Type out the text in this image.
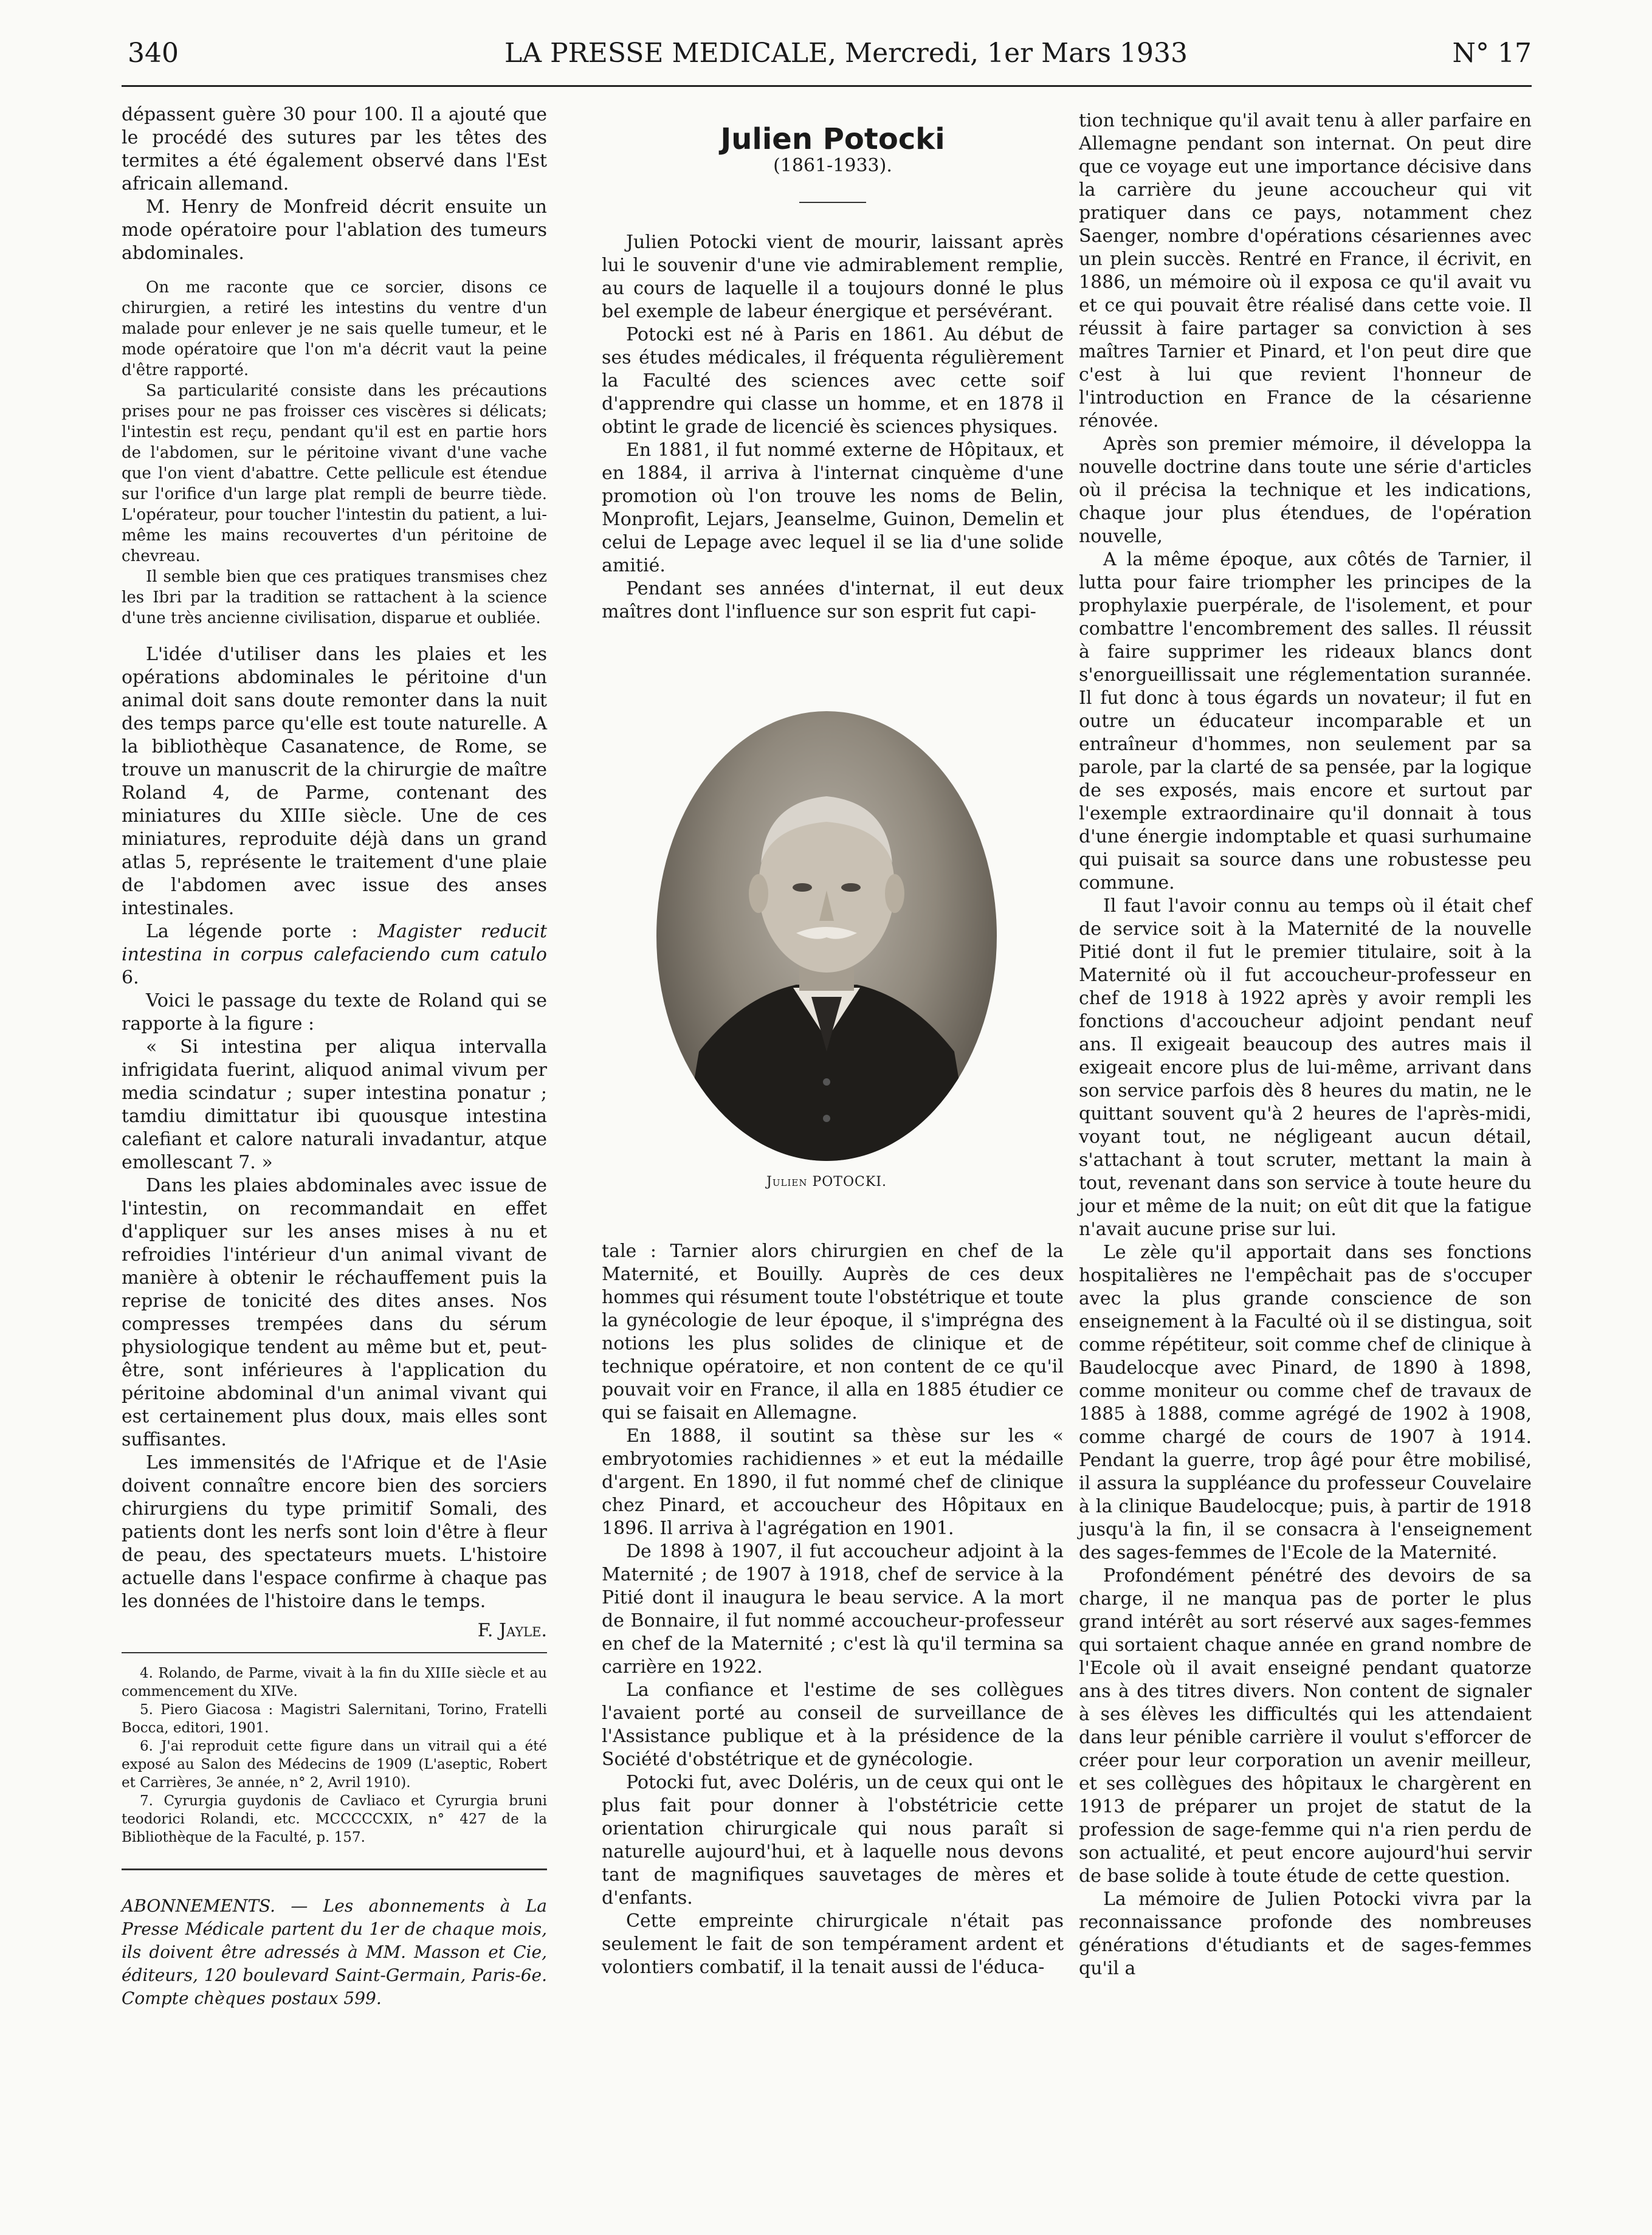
340	LA PRESSE MEDICALE, Mercredi, 1er Mars 1933	N° 17

dépassent guère 30 pour 100. Il a ajouté que le procédé des sutures par les têtes des termites a été également observé dans l'Est africain allemand.

M. Henry de Monfreid décrit ensuite un mode opératoire pour l'ablation des tumeurs abdominales.

On me raconte que ce sorcier, disons ce chirurgien, a retiré les intestins du ventre d'un malade pour enlever je ne sais quelle tumeur, et le mode opératoire que l'on m'a décrit vaut la peine d'être rapporté.

Sa particularité consiste dans les précautions prises pour ne pas froisser ces viscères si délicats; l'intestin est reçu, pendant qu'il est en partie hors de l'abdomen, sur le péritoine vivant d'une vache que l'on vient d'abattre. Cette pellicule est étendue sur l'orifice d'un large plat rempli de beurre tiède. L'opérateur, pour toucher l'intestin du patient, a lui-même les mains recouvertes d'un péritoine de chevreau.

Il semble bien que ces pratiques transmises chez les Ibri par la tradition se rattachent à la science d'une très ancienne civilisation, disparue et oubliée.

L'idée d'utiliser dans les plaies et les opérations abdominales le péritoine d'un animal doit sans doute remonter dans la nuit des temps parce qu'elle est toute naturelle. A la bibliothèque Casanatence, de Rome, se trouve un manuscrit de la chirurgie de maître Roland 4, de Parme, contenant des miniatures du XIIIe siècle. Une de ces miniatures, reproduite déjà dans un grand atlas 5, représente le traitement d'une plaie de l'abdomen avec issue des anses intestinales.

La légende porte : Magister reducit intestina in corpus calefaciendo cum catulo 6.

Voici le passage du texte de Roland qui se rapporte à la figure :

« Si intestina per aliqua intervalla infrigidata fuerint, aliquod animal vivum per media scindatur ; super intestina ponatur ; tamdiu dimittatur ibi quousque intestina calefiant et calore naturali invadantur, atque emollescant 7. »

Dans les plaies abdominales avec issue de l'intestin, on recommandait en effet d'appliquer sur les anses mises à nu et refroidies l'intérieur d'un animal vivant de manière à obtenir le réchauffement puis la reprise de tonicité des dites anses. Nos compresses trempées dans du sérum physiologique tendent au même but et, peut-être, sont inférieures à l'application du péritoine abdominal d'un animal vivant qui est certainement plus doux, mais elles sont suffisantes.

Les immensités de l'Afrique et de l'Asie doivent connaître encore bien des sorciers chirurgiens du type primitif Somali, des patients dont les nerfs sont loin d'être à fleur de peau, des spectateurs muets. L'histoire actuelle dans l'espace confirme à chaque pas les données de l'histoire dans le temps.

F. Jayle.

4. Rolando, de Parme, vivait à la fin du XIIIe siècle et au commencement du XIVe.

5. Piero Giacosa : Magistri Salernitani, Torino, Fratelli Bocca, editori, 1901.

6. J'ai reproduit cette figure dans un vitrail qui a été exposé au Salon des Médecins de 1909 (L'aseptic, Robert et Carrières, 3e année, n° 2, Avril 1910).

7. Cyrurgia guydonis de Cavliaco et Cyrurgia bruni teodorici Rolandi, etc. MCCCCCXIX, n° 427 de la Bibliothèque de la Faculté, p. 157.

ABONNEMENTS. — Les abonnements à La Presse Médicale partent du 1er de chaque mois, ils doivent être adressés à MM. Masson et Cie, éditeurs, 120 boulevard Saint-Germain, Paris-6e. Compte chèques postaux 599.
Julien Potocki
(1861-1933).

Julien Potocki vient de mourir, laissant après lui le souvenir d'une vie admirablement remplie, au cours de laquelle il a toujours donné le plus bel exemple de labeur énergique et persévérant.

Potocki est né à Paris en 1861. Au début de ses études médicales, il fréquenta régulièrement la Faculté des sciences avec cette soif d'apprendre qui classe un homme, et en 1878 il obtint le grade de licencié ès sciences physiques.

En 1881, il fut nommé externe de Hôpitaux, et en 1884, il arriva à l'internat cinquème d'une promotion où l'on trouve les noms de Belin, Monprofit, Lejars, Jeanselme, Guinon, Demelin et celui de Lepage avec lequel il se lia d'une solide amitié.

Pendant ses années d'internat, il eut deux maîtres dont l'influence sur son esprit fut capi-

Julien POTOCKI.

tale : Tarnier alors chirurgien en chef de la Maternité, et Bouilly. Auprès de ces deux hommes qui résument toute l'obstétrique et toute la gynécologie de leur époque, il s'imprégna des notions les plus solides de clinique et de technique opératoire, et non content de ce qu'il pouvait voir en France, il alla en 1885 étudier ce qui se faisait en Allemagne.

En 1888, il soutint sa thèse sur les « embryotomies rachidiennes » et eut la médaille d'argent. En 1890, il fut nommé chef de clinique chez Pinard, et accoucheur des Hôpitaux en 1896. Il arriva à l'agrégation en 1901.

De 1898 à 1907, il fut accoucheur adjoint à la Maternité ; de 1907 à 1918, chef de service à la Pitié dont il inaugura le beau service. A la mort de Bonnaire, il fut nommé accoucheur-professeur en chef de la Maternité ; c'est là qu'il termina sa carrière en 1922.

La confiance et l'estime de ses collègues l'avaient porté au conseil de surveillance de l'Assistance publique et à la présidence de la Société d'obstétrique et de gynécologie.

Potocki fut, avec Doléris, un de ceux qui ont le plus fait pour donner à l'obstétricie cette orientation chirurgicale qui nous paraît si naturelle aujourd'hui, et à laquelle nous devons tant de magnifiques sauvetages de mères et d'enfants.

Cette empreinte chirurgicale n'était pas seulement le fait de son tempérament ardent et volontiers combatif, il la tenait aussi de l'éduca-

tion technique qu'il avait tenu à aller parfaire en Allemagne pendant son internat. On peut dire que ce voyage eut une importance décisive dans la carrière du jeune accoucheur qui vit pratiquer dans ce pays, notamment chez Saenger, nombre d'opérations césariennes avec un plein succès. Rentré en France, il écrivit, en 1886, un mémoire où il exposa ce qu'il avait vu et ce qui pouvait être réalisé dans cette voie. Il réussit à faire partager sa conviction à ses maîtres Tarnier et Pinard, et l'on peut dire que c'est à lui que revient l'honneur de l'introduction en France de la césarienne rénovée.

Après son premier mémoire, il développa la nouvelle doctrine dans toute une série d'articles où il précisa la technique et les indications, chaque jour plus étendues, de l'opération nouvelle,

A la même époque, aux côtés de Tarnier, il lutta pour faire triompher les principes de la prophylaxie puerpérale, de l'isolement, et pour combattre l'encombrement des salles. Il réussit à faire supprimer les rideaux blancs dont s'enorgueillissait une réglementation surannée. Il fut donc à tous égards un novateur; il fut en outre un éducateur incomparable et un entraîneur d'hommes, non seulement par sa parole, par la clarté de sa pensée, par la logique de ses exposés, mais encore et surtout par l'exemple extraordinaire qu'il donnait à tous d'une énergie indomptable et quasi surhumaine qui puisait sa source dans une robustesse peu commune.

Il faut l'avoir connu au temps où il était chef de service soit à la Maternité de la nouvelle Pitié dont il fut le premier titulaire, soit à la Maternité où il fut accoucheur-professeur en chef de 1918 à 1922 après y avoir rempli les fonctions d'accoucheur adjoint pendant neuf ans. Il exigeait beaucoup des autres mais il exigeait encore plus de lui-même, arrivant dans son service parfois dès 8 heures du matin, ne le quittant souvent qu'à 2 heures de l'après-midi, voyant tout, ne négligeant aucun détail, s'attachant à tout scruter, mettant la main à tout, revenant dans son service à toute heure du jour et même de la nuit; on eût dit que la fatigue n'avait aucune prise sur lui.

Le zèle qu'il apportait dans ses fonctions hospitalières ne l'empêchait pas de s'occuper avec la plus grande conscience de son enseignement à la Faculté où il se distingua, soit comme répétiteur, soit comme chef de clinique à Baudelocque avec Pinard, de 1890 à 1898, comme moniteur ou comme chef de travaux de 1885 à 1888, comme agrégé de 1902 à 1908, comme chargé de cours de 1907 à 1914. Pendant la guerre, trop âgé pour être mobilisé, il assura la suppléance du professeur Couvelaire à la clinique Baudelocque; puis, à partir de 1918 jusqu'à la fin, il se consacra à l'enseignement des sages-femmes de l'Ecole de la Maternité.

Profondément pénétré des devoirs de sa charge, il ne manqua pas de porter le plus grand intérêt au sort réservé aux sages-femmes qui sortaient chaque année en grand nombre de l'Ecole où il avait enseigné pendant quatorze ans à des titres divers. Non content de signaler à ses élèves les difficultés qui les attendaient dans leur pénible carrière il voulut s'efforcer de créer pour leur corporation un avenir meilleur, et ses collègues des hôpitaux le chargèrent en 1913 de préparer un projet de statut de la profession de sage-femme qui n'a rien perdu de son actualité, et peut encore aujourd'hui servir de base solide à toute étude de cette question.

La mémoire de Julien Potocki vivra par la reconnaissance profonde des nombreuses générations d'étudiants et de sages-femmes qu'il a
